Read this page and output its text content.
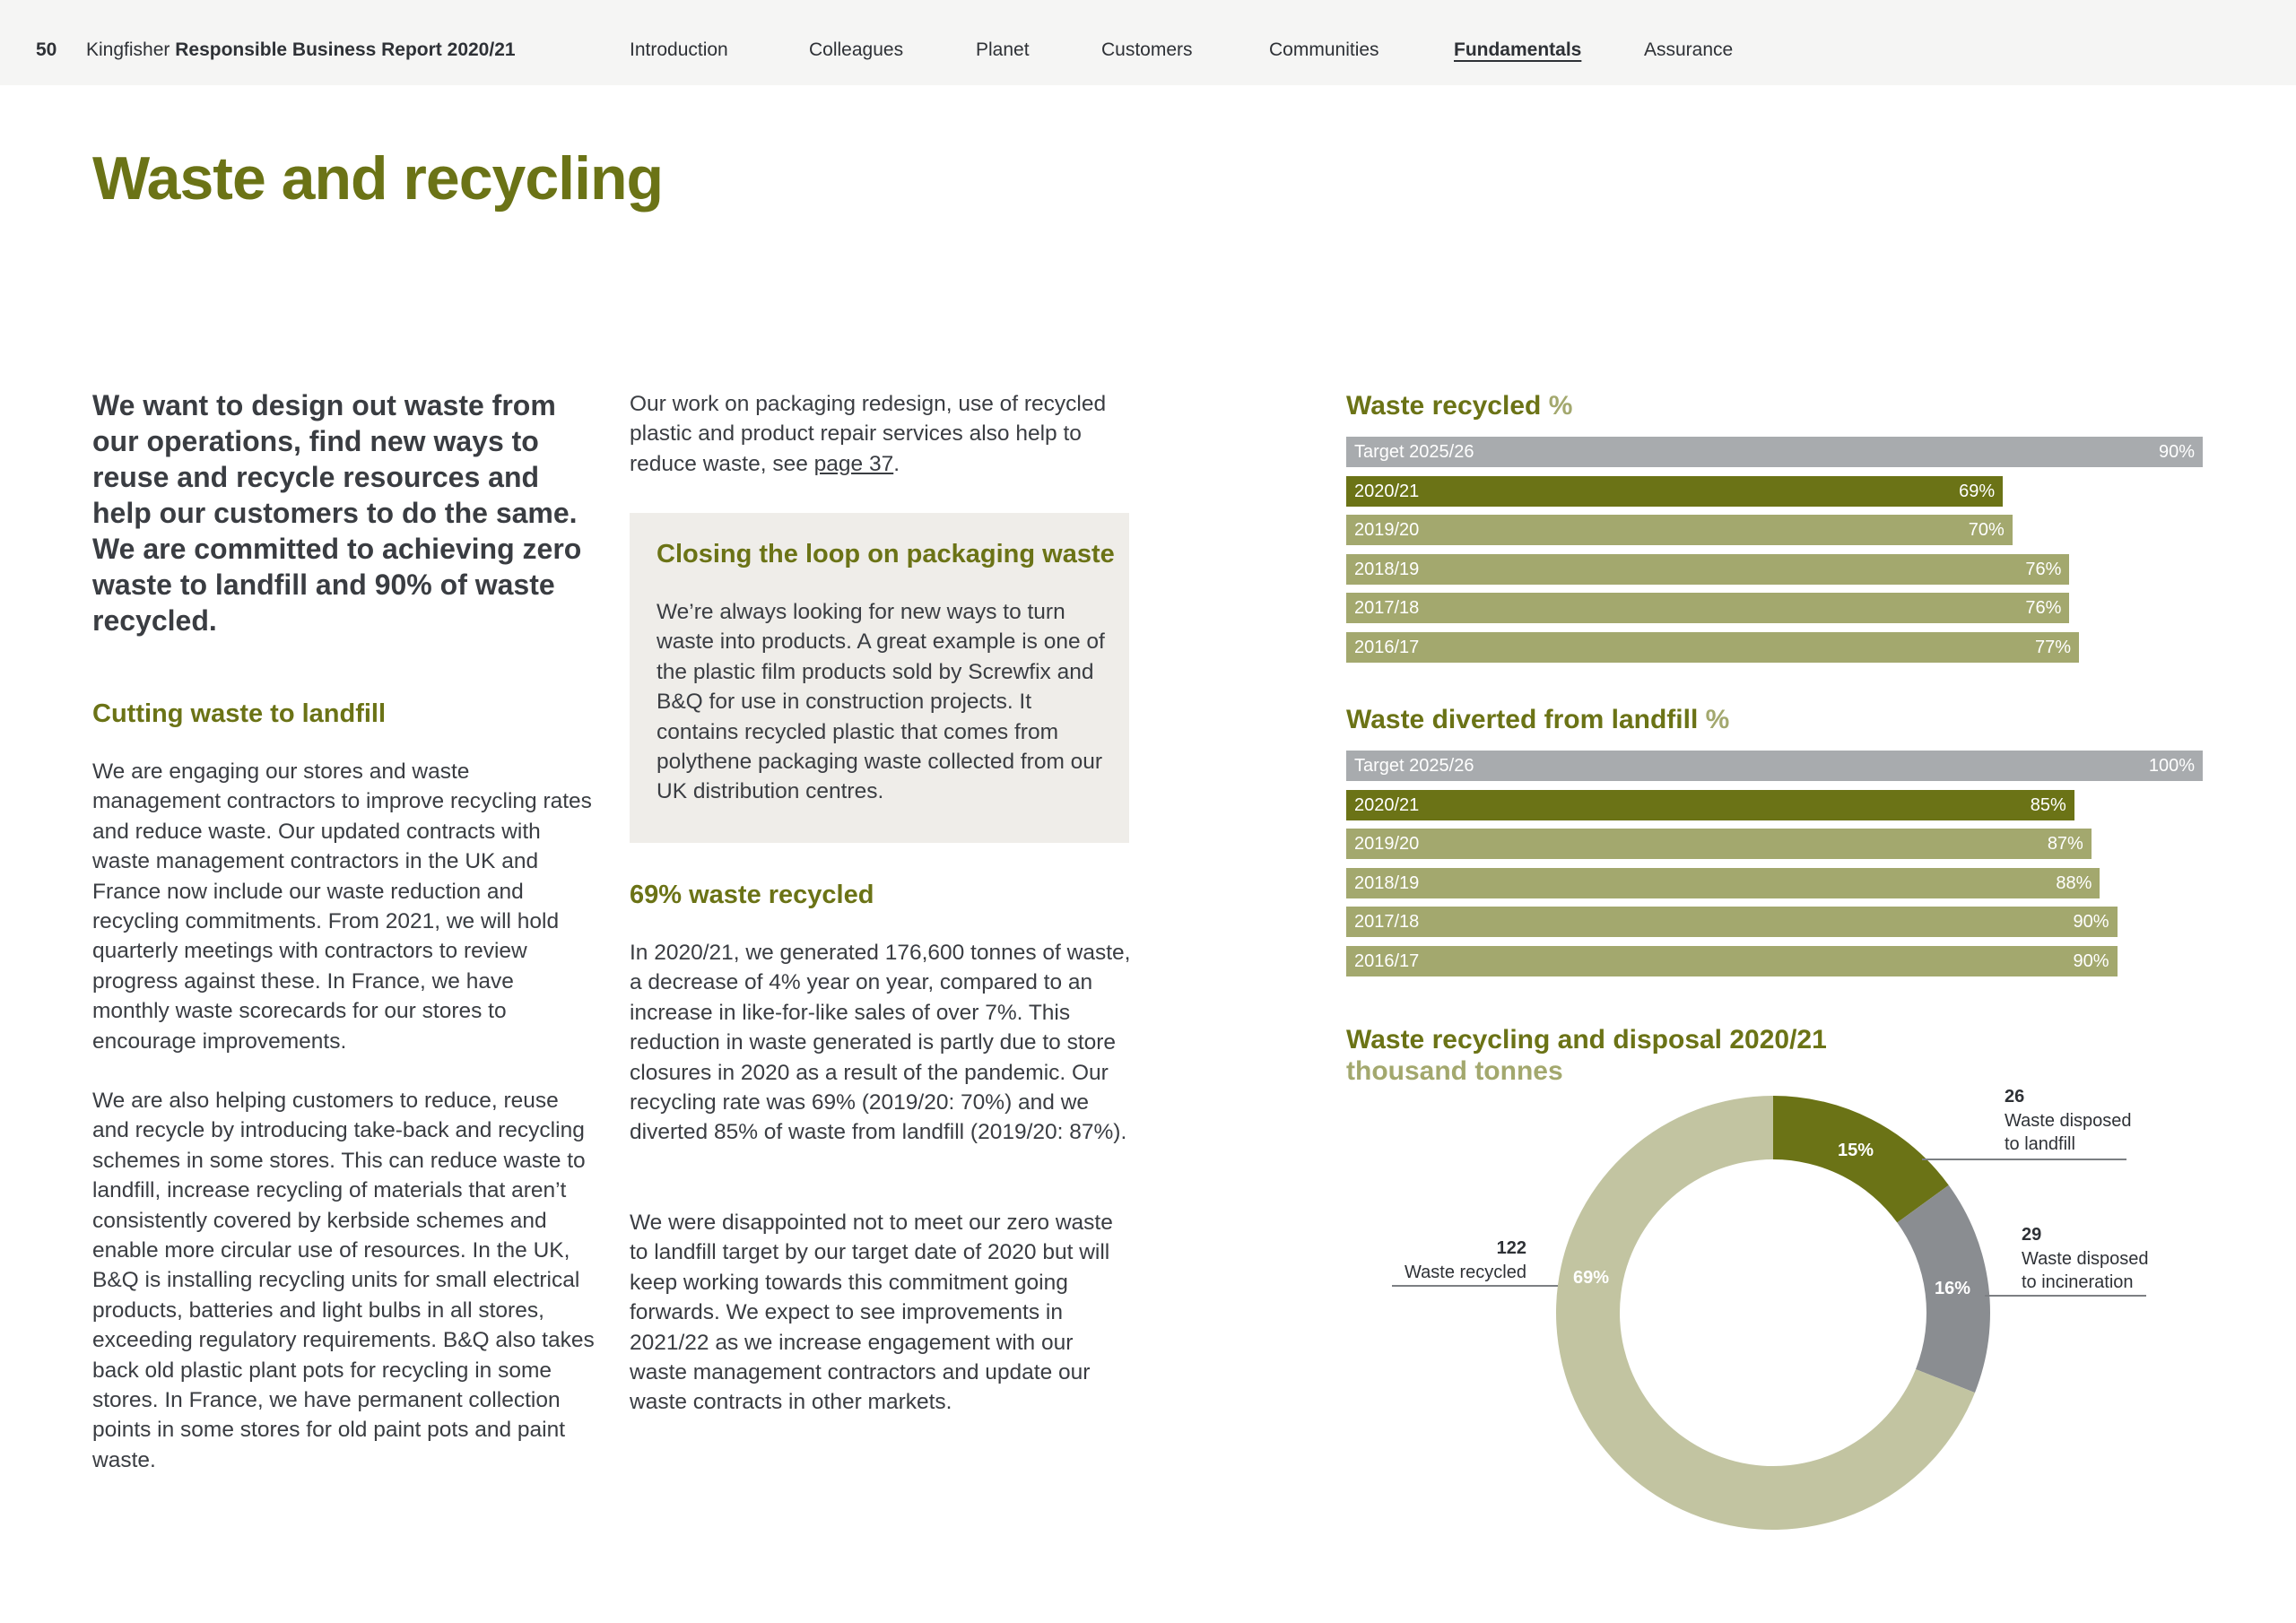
50 Kingfisher Responsible Business Report 2020/21	Introduction	Colleagues	Planet	Customers	Communities	Fundamentals	Assurance
Waste and recycling

We want to design out waste from our operations, find new ways to reuse and recycle resources and help our customers to do the same. We are committed to achieving zero waste to landfill and 90% of waste recycled.

Cutting waste to landfill

We are engaging our stores and waste management contractors to improve recycling rates and reduce waste. Our updated contracts with waste management contractors in the UK and France now include our waste reduction and recycling commitments. From 2021, we will hold quarterly meetings with contractors to review progress against these. In France, we have monthly waste scorecards for our stores to encourage improvements.

We are also helping customers to reduce, reuse and recycle by introducing take-back and recycling schemes in some stores. This can reduce waste to landfill, increase recycling of materials that aren’t consistently covered by kerbside schemes and enable more circular use of resources. In the UK, B&Q is installing recycling units for small electrical products, batteries and light bulbs in all stores, exceeding regulatory requirements. B&Q also takes back old plastic plant pots for recycling in some stores. In France, we have permanent collection points in some stores for old paint pots and paint waste.

Our work on packaging redesign, use of recycled plastic and product repair services also help to reduce waste, see page 37.

Closing the loop on packaging waste

We’re always looking for new ways to turn waste into products. A great example is one of the plastic film products sold by Screwfix and B&Q for use in construction projects. It contains recycled plastic that comes from polythene packaging waste collected from our UK distribution centres.

69% waste recycled

In 2020/21, we generated 176,600 tonnes of waste, a decrease of 4% year on year, compared to an increase in like-for-like sales of over 7%. This reduction in waste generated is partly due to store closures in 2020 as a result of the pandemic. Our recycling rate was 69% (2019/20: 70%) and we diverted 85% of waste from landfill (2019/20: 87%).

We were disappointed not to meet our zero waste to landfill target by our target date of 2020 but will keep working towards this commitment going forwards. We expect to see improvements in 2021/22 as we increase engagement with our waste management contractors and update our waste contracts in other markets.

Waste recycled %
Target 2025/26	90%
2020/21	69%
2019/20	70%
2018/19	76%
2017/18	76%
2016/17	77%
Waste diverted from landfill %
Target 2025/26	100%
2020/21	85%
2019/20	87%
2018/19	88%
2017/18	90%
2016/17	90%
Waste recycling and disposal 2020/21
thousand tonnes
26
Waste disposed
to landfill
29
Waste disposed
to incineration
122
Waste recycled
15%
16%
69%
